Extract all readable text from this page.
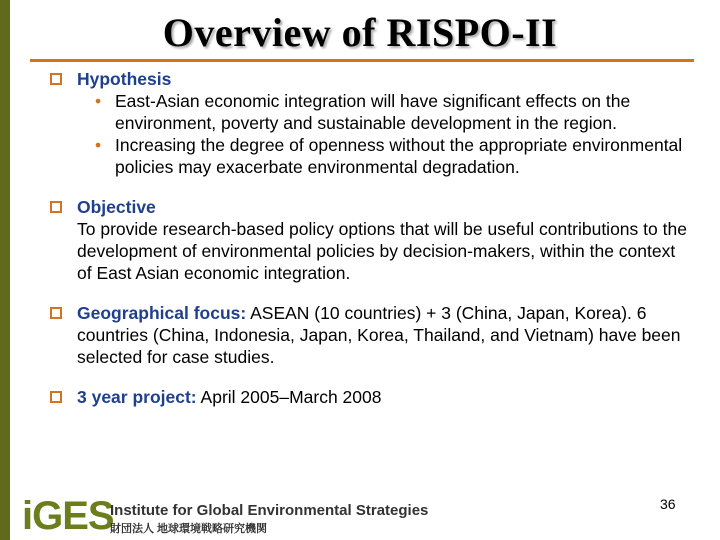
Overview of RISPO-II
Hypothesis
• East-Asian economic integration will have significant effects on the environment, poverty and sustainable development in the region.
• Increasing the degree of openness without the appropriate environmental policies may exacerbate environmental degradation.
Objective
To provide research-based policy options that will be useful contributions to the development of environmental policies by decision-makers, within the context of East Asian economic integration.
Geographical focus: ASEAN (10 countries) + 3 (China, Japan, Korea). 6 countries (China, Indonesia, Japan, Korea, Thailand, and Vietnam) have been selected for case studies.
3 year project: April 2005–March 2008
36
iGES
Institute for Global Environmental Strategies
財団法人 地球環境戦略研究機関
